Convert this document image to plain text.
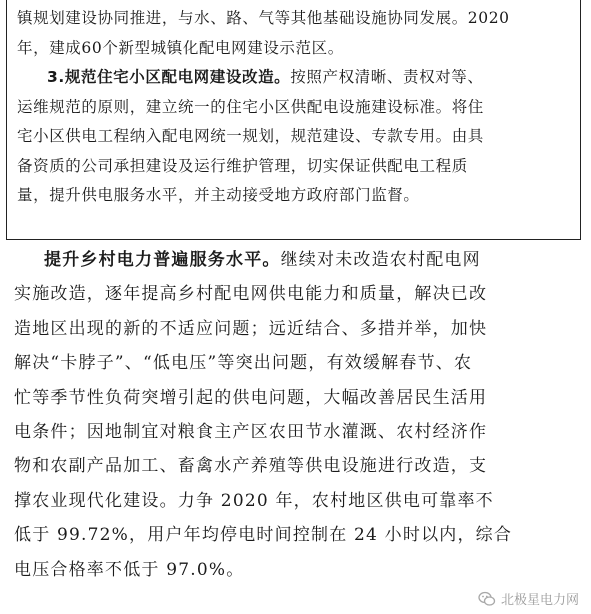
镇规划建设协同推进，与水、路、气等其他基础设施协同发展。2020
年，建成60个新型城镇化配电网建设示范区。
3.规范住宅小区配电网建设改造。按照产权清晰、责权对等、
运维规范的原则，建立统一的住宅小区供配电设施建设标准。将住
宅小区供电工程纳入配电网统一规划，规范建设、专款专用。由具
备资质的公司承担建设及运行维护管理，切实保证供配电工程质
量，提升供电服务水平，并主动接受地方政府部门监督。
提升乡村电力普遍服务水平。继续对未改造农村配电网
实施改造，逐年提高乡村配电网供电能力和质量，解决已改
造地区出现的新的不适应问题；远近结合、多措并举，加快
解决“卡脖子”、“低电压”等突出问题，有效缓解春节、农
忙等季节性负荷突增引起的供电问题，大幅改善居民生活用
电条件；因地制宜对粮食主产区农田节水灌溉、农村经济作
物和农副产品加工、畜禽水产养殖等供电设施进行改造，支
撑农业现代化建设。力争 2020 年，农村地区供电可靠率不
低于 99.72%，用户年均停电时间控制在 24 小时以内，综合
电压合格率不低于 97.0%。
北极星电力网
